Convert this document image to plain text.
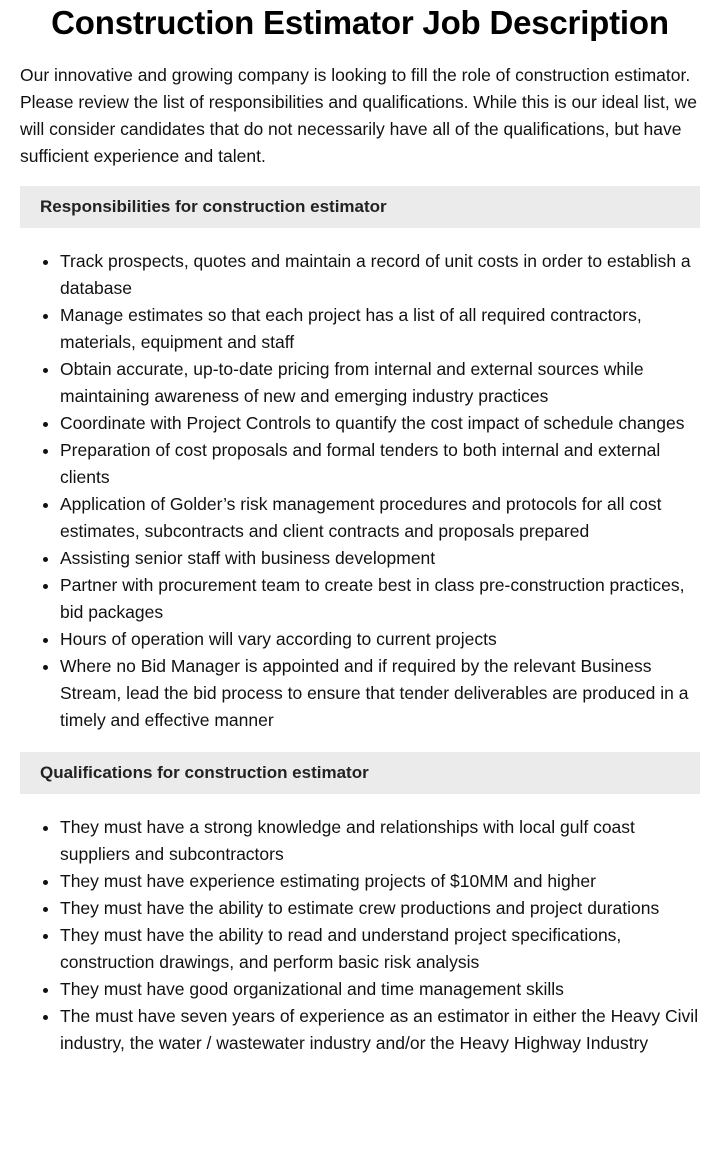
Construction Estimator Job Description

Our innovative and growing company is looking to fill the role of construction estimator. Please review the list of responsibilities and qualifications. While this is our ideal list, we will consider candidates that do not necessarily have all of the qualifications, but have sufficient experience and talent.

Responsibilities for construction estimator
• Track prospects, quotes and maintain a record of unit costs in order to establish a database
• Manage estimates so that each project has a list of all required contractors, materials, equipment and staff
• Obtain accurate, up-to-date pricing from internal and external sources while maintaining awareness of new and emerging industry practices
• Coordinate with Project Controls to quantify the cost impact of schedule changes
• Preparation of cost proposals and formal tenders to both internal and external clients
• Application of Golder’s risk management procedures and protocols for all cost estimates, subcontracts and client contracts and proposals prepared
• Assisting senior staff with business development
• Partner with procurement team to create best in class pre-construction practices, bid packages
• Hours of operation will vary according to current projects
• Where no Bid Manager is appointed and if required by the relevant Business Stream, lead the bid process to ensure that tender deliverables are produced in a timely and effective manner
Qualifications for construction estimator
• They must have a strong knowledge and relationships with local gulf coast suppliers and subcontractors
• They must have experience estimating projects of $10MM and higher
• They must have the ability to estimate crew productions and project durations
• They must have the ability to read and understand project specifications, construction drawings, and perform basic risk analysis
• They must have good organizational and time management skills
• The must have seven years of experience as an estimator in either the Heavy Civil industry, the water / wastewater industry and/or the Heavy Highway Industry
